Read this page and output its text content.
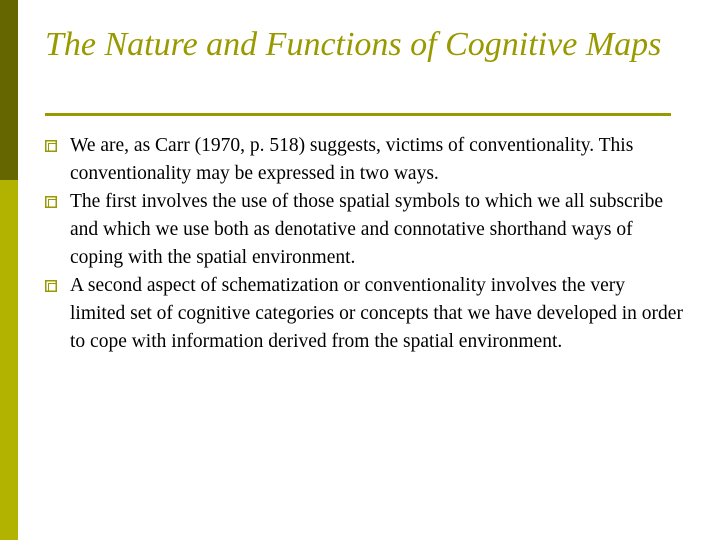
The Nature and Functions of Cognitive Maps
We are, as Carr (1970, p. 518) suggests, victims of conventionality. This conventionality may be expressed in two ways.
The first involves the use of those spatial symbols to which we all subscribe and which we use both as denotative and connotative shorthand ways of coping with the spatial environment.
A second aspect of schematization or conventionality involves the very limited set of cognitive categories or concepts that we have developed in order to cope with information derived from the spatial environment.
